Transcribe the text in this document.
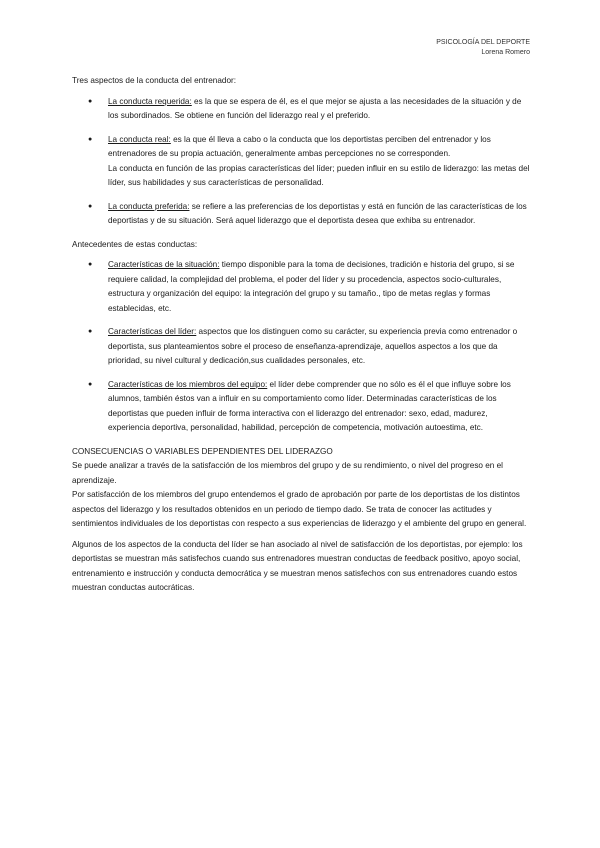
PSICOLOGÍA DEL DEPORTE
Lorena Romero

Tres aspectos de la conducta del entrenador:

● La conducta requerida: es la que se espera de él, es el que mejor se ajusta a las necesidades de la situación y de los subordinados. Se obtiene en función del liderazgo real y el preferido.
● La conducta real: es la que él lleva a cabo o la conducta que los deportistas perciben del entrenador y los entrenadores de su propia actuación, generalmente ambas percepciones no se corresponden.
La conducta en función de las propias características del líder; pueden influir en su estilo de liderazgo: las metas del líder, sus habilidades y sus características de personalidad.
● La conducta preferida: se refiere a las preferencias de los deportistas y está en función de las características de los deportistas y de su situación. Será aquel liderazgo que el deportista desea que exhiba su entrenador.

Antecedentes de estas conductas:

● Características de la situación: tiempo disponible para la toma de decisiones, tradición e historia del grupo, si se requiere calidad, la complejidad del problema, el poder del líder y su procedencia, aspectos socio-culturales, estructura y organización del equipo: la integración del grupo y su tamaño., tipo de metas reglas y formas establecidas, etc.
● Características del líder: aspectos que los distinguen como su carácter, su experiencia previa como entrenador o deportista, sus planteamientos sobre el proceso de enseñanza-aprendizaje, aquellos aspectos a los que da prioridad, su nivel cultural y dedicación,sus cualidades personales, etc.
● Características de los miembros del equipo: el líder debe comprender que no sólo es él el que influye sobre los alumnos, también éstos van a influir en su comportamiento como líder. Determinadas características de los deportistas que pueden influir de forma interactiva con el liderazgo del entrenador: sexo, edad, madurez, experiencia deportiva, personalidad, habilidad, percepción de competencia, motivación autoestima, etc.

CONSECUENCIAS O VARIABLES DEPENDIENTES DEL LIDERAZGO

Se puede analizar a través de la satisfacción de los miembros del grupo y de su rendimiento, o nivel del progreso en el aprendizaje.

Por satisfacción de los miembros del grupo entendemos el grado de aprobación por parte de los deportistas de los distintos aspectos del liderazgo y los resultados obtenidos en un periodo de tiempo dado. Se trata de conocer las actitudes y sentimientos individuales de los deportistas con respecto a sus experiencias de liderazgo y el ambiente del grupo en general.

Algunos de los aspectos de la conducta del líder se han asociado al nivel de satisfacción de los deportistas, por ejemplo: los deportistas se muestran más satisfechos cuando sus entrenadores muestran conductas de feedback positivo, apoyo social, entrenamiento e instrucción y conducta democrática y se muestran menos satisfechos con sus entrenadores cuando estos muestran conductas autocráticas.
